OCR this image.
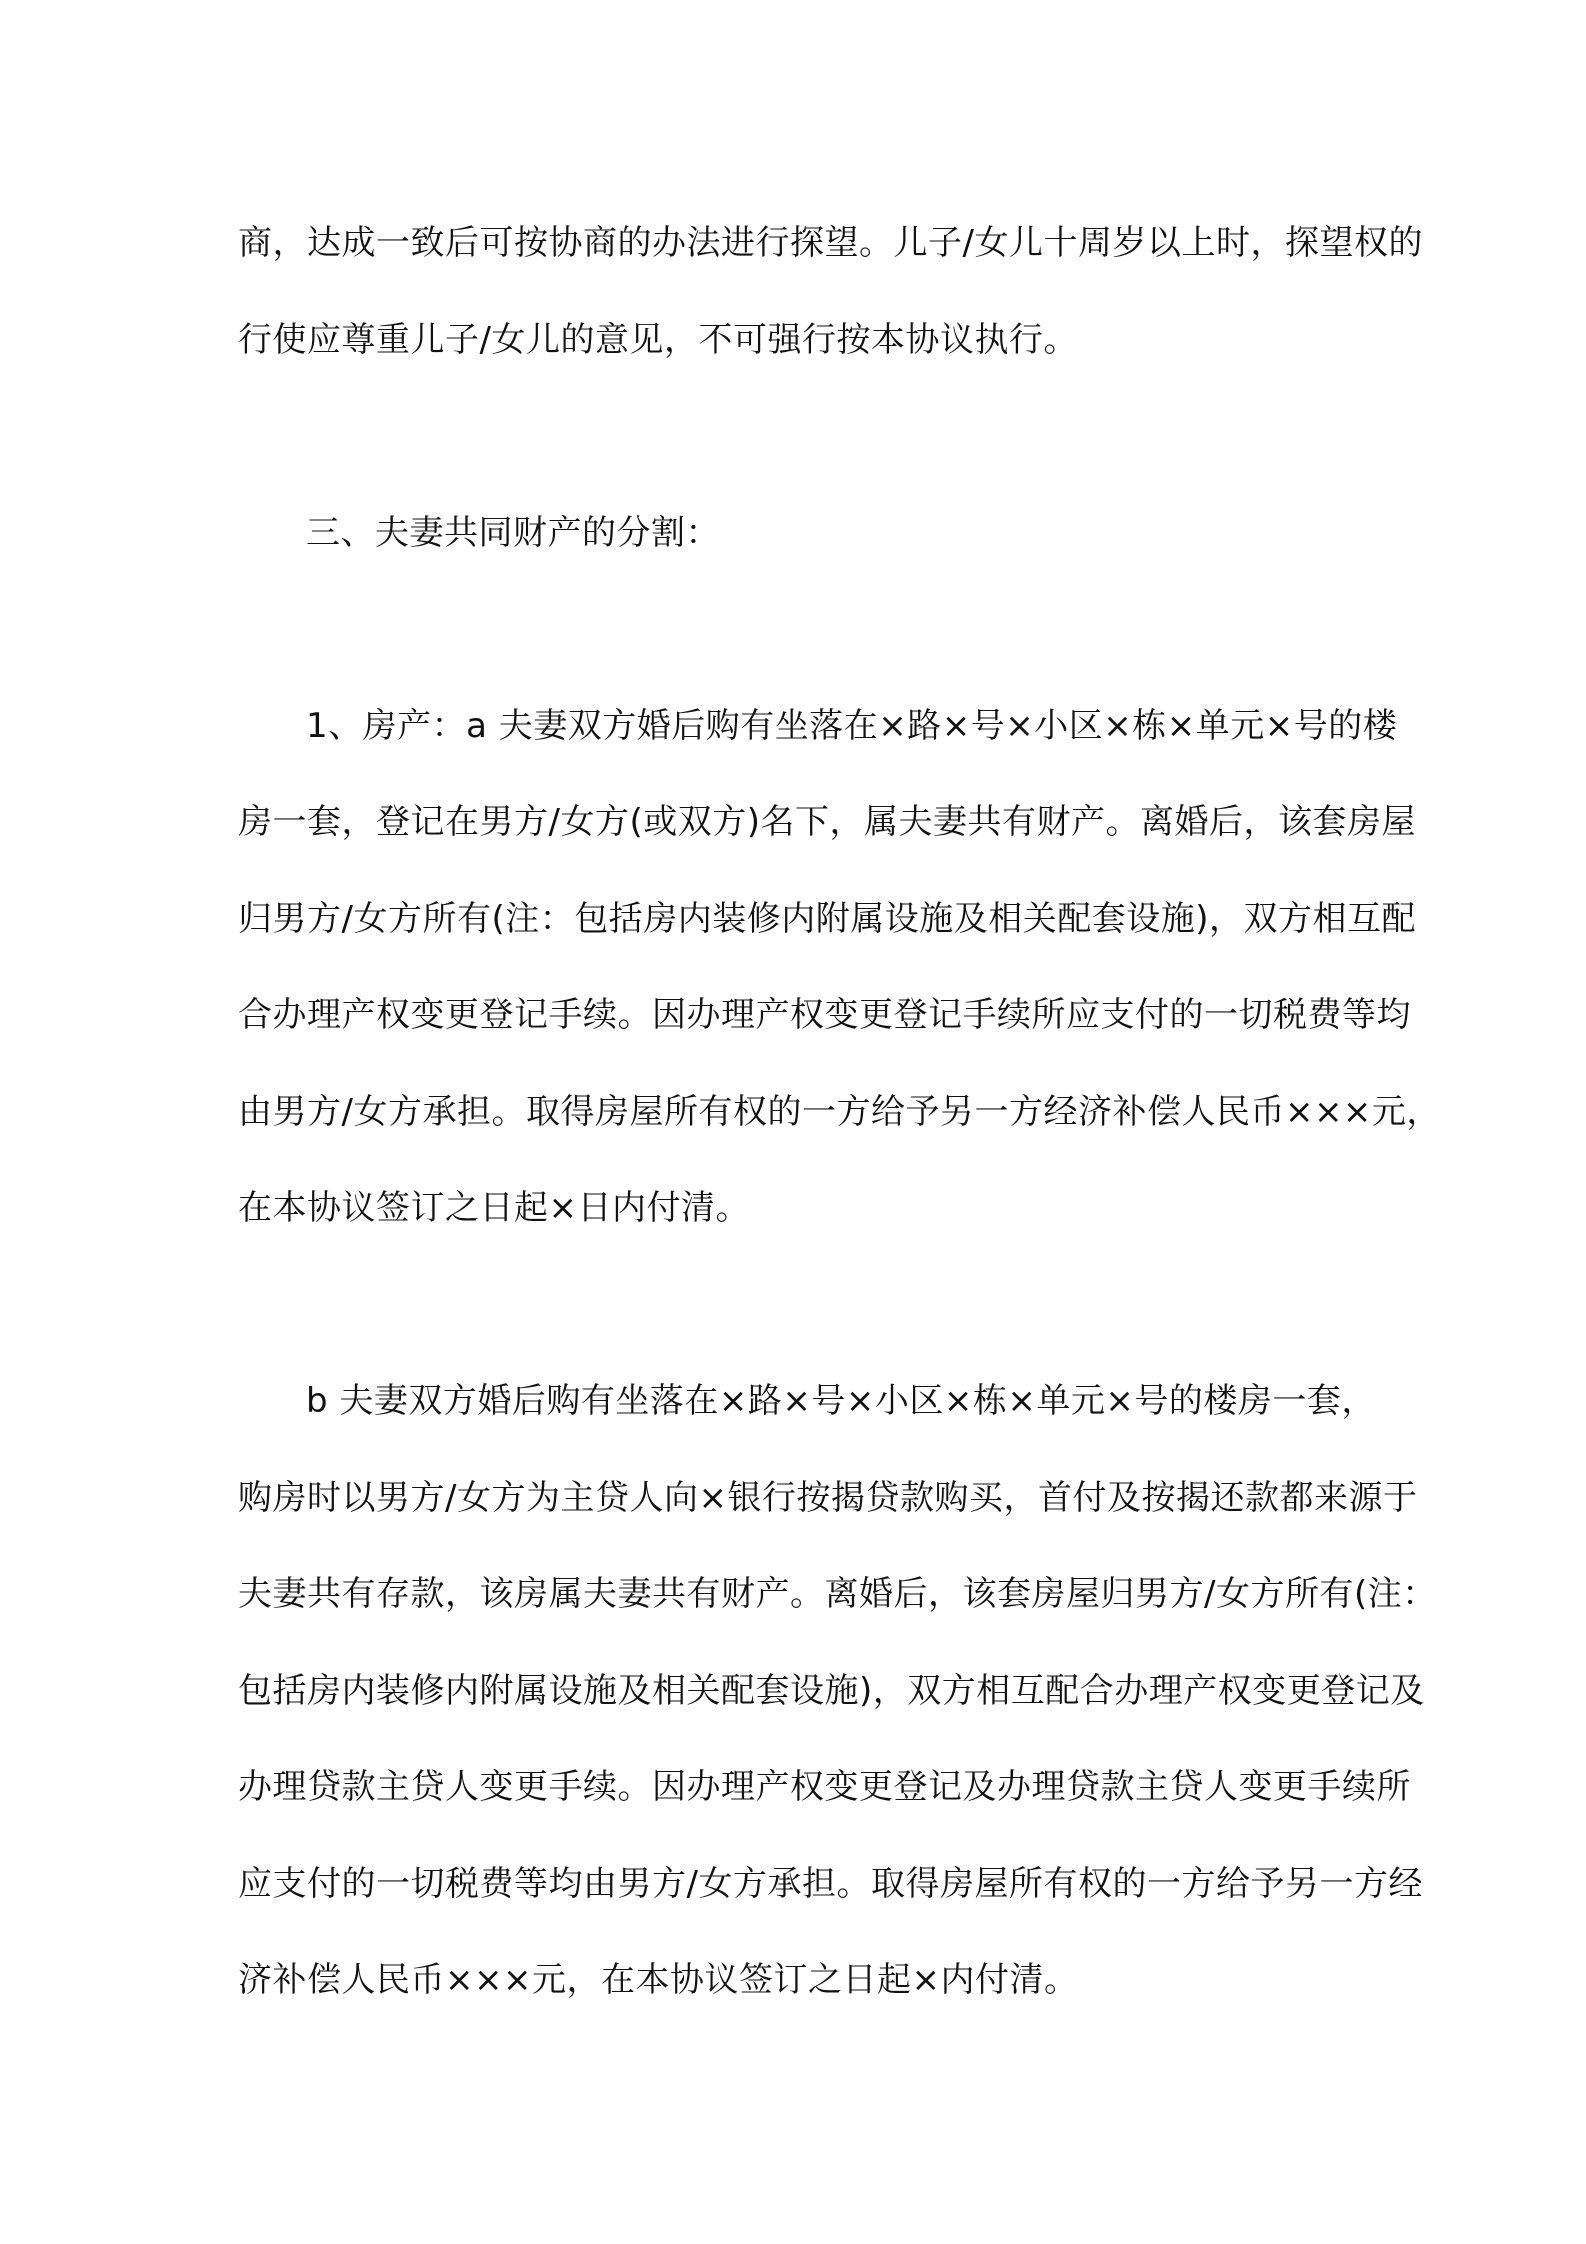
商，达成一致后可按协商的办法进行探望。儿子/女儿十周岁以上时，探望权的
行使应尊重儿子/女儿的意见，不可强行按本协议执行。

三、夫妻共同财产的分割：

1、房产：a 夫妻双方婚后购有坐落在×路×号×小区×栋×单元×号的楼
房一套，登记在男方/女方(或双方)名下，属夫妻共有财产。离婚后，该套房屋
归男方/女方所有(注：包括房内装修内附属设施及相关配套设施)，双方相互配
合办理产权变更登记手续。因办理产权变更登记手续所应支付的一切税费等均
由男方/女方承担。取得房屋所有权的一方给予另一方经济补偿人民币×××元，
在本协议签订之日起×日内付清。

b 夫妻双方婚后购有坐落在×路×号×小区×栋×单元×号的楼房一套，
购房时以男方/女方为主贷人向×银行按揭贷款购买，首付及按揭还款都来源于
夫妻共有存款，该房属夫妻共有财产。离婚后，该套房屋归男方/女方所有(注：
包括房内装修内附属设施及相关配套设施)，双方相互配合办理产权变更登记及
办理贷款主贷人变更手续。因办理产权变更登记及办理贷款主贷人变更手续所
应支付的一切税费等均由男方/女方承担。取得房屋所有权的一方给予另一方经
济补偿人民币×××元，在本协议签订之日起×内付清。
